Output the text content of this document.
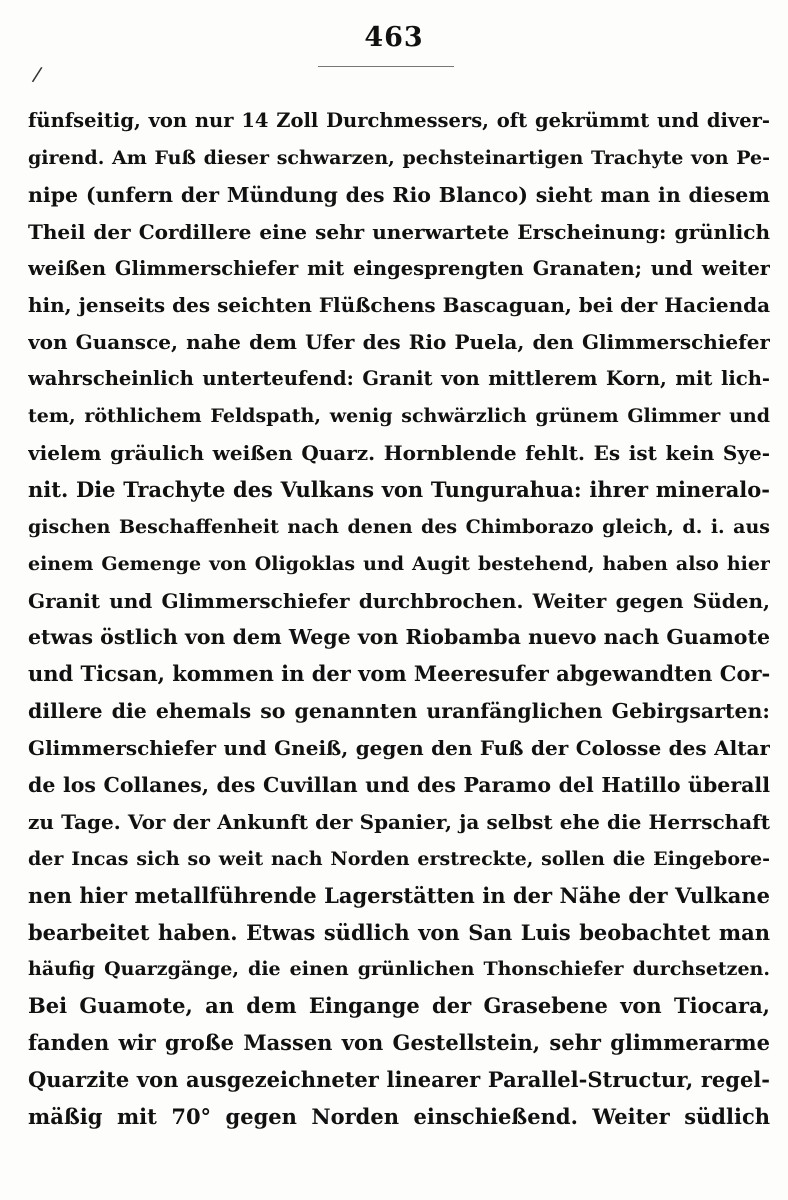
463
/
fünfseitig, von nur 14 Zoll Durchmessers, oft gekrümmt und diver-
girend. Am Fuß dieser schwarzen, pechsteinartigen Trachyte von Pe-
nipe (unfern der Mündung des Rio Blanco) sieht man in diesem
Theil der Cordillere eine sehr unerwartete Erscheinung: grünlich
weißen Glimmerschiefer mit eingesprengten Granaten; und weiter
hin, jenseits des seichten Flüßchens Bascaguan, bei der Hacienda
von Guansce, nahe dem Ufer des Rio Puela, den Glimmerschiefer
wahrscheinlich unterteufend: Granit von mittlerem Korn, mit lich-
tem, röthlichem Feldspath, wenig schwärzlich grünem Glimmer und
vielem gräulich weißen Quarz. Hornblende fehlt. Es ist kein Sye-
nit. Die Trachyte des Vulkans von Tungurahua: ihrer mineralo-
gischen Beschaffenheit nach denen des Chimborazo gleich, d. i. aus
einem Gemenge von Oligoklas und Augit bestehend, haben also hier
Granit und Glimmerschiefer durchbrochen. Weiter gegen Süden,
etwas östlich von dem Wege von Riobamba nuevo nach Guamote
und Ticsan, kommen in der vom Meeresufer abgewandten Cor-
dillere die ehemals so genannten uranfänglichen Gebirgsarten:
Glimmerschiefer und Gneiß, gegen den Fuß der Colosse des Altar
de los Collanes, des Cuvillan und des Paramo del Hatillo überall
zu Tage. Vor der Ankunft der Spanier, ja selbst ehe die Herrschaft
der Incas sich so weit nach Norden erstreckte, sollen die Eingebore-
nen hier metallführende Lagerstätten in der Nähe der Vulkane
bearbeitet haben. Etwas südlich von San Luis beobachtet man
häufig Quarzgänge, die einen grünlichen Thonschiefer durchsetzen.
Bei Guamote, an dem Eingange der Grasebene von Tiocara,
fanden wir große Massen von Gestellstein, sehr glimmerarme
Quarzite von ausgezeichneter linearer Parallel-Structur, regel-
mäßig mit 70° gegen Norden einschießend. Weiter südlich
